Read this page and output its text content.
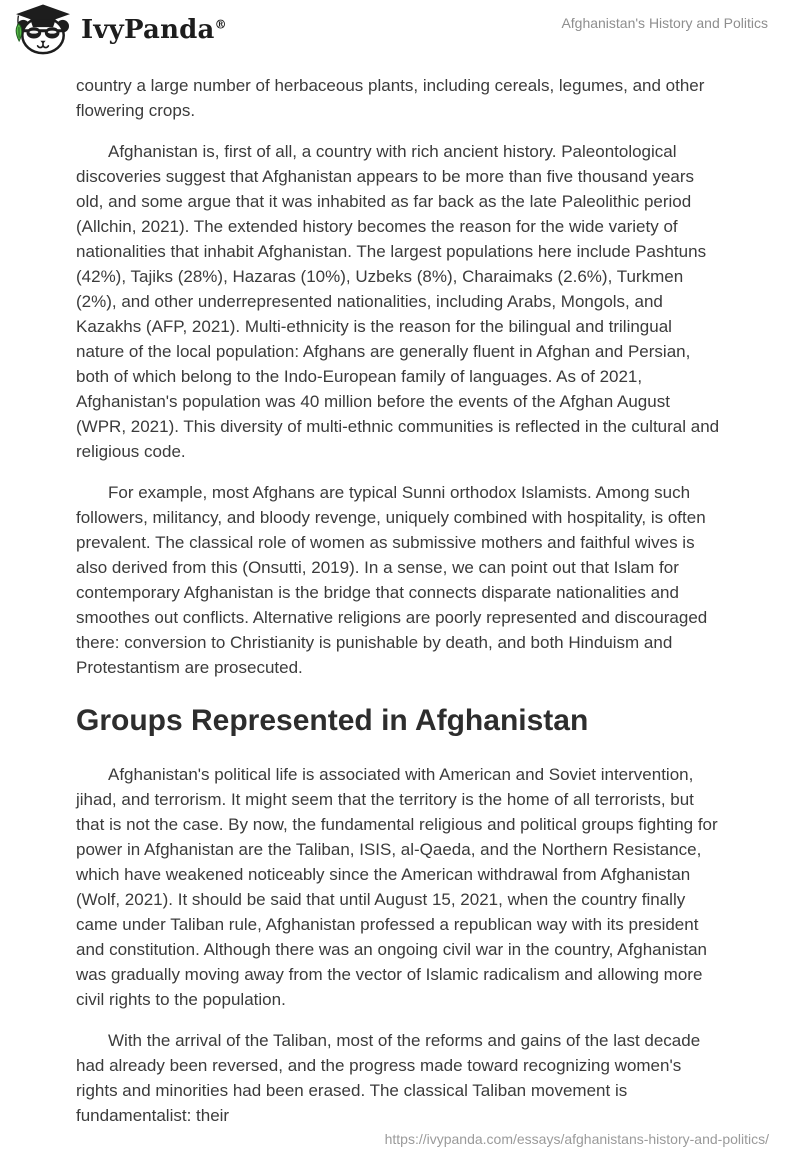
IvyPanda®	Afghanistan's History and Politics

country a large number of herbaceous plants, including cereals, legumes, and other flowering crops.

Afghanistan is, first of all, a country with rich ancient history. Paleontological discoveries suggest that Afghanistan appears to be more than five thousand years old, and some argue that it was inhabited as far back as the late Paleolithic period (Allchin, 2021). The extended history becomes the reason for the wide variety of nationalities that inhabit Afghanistan. The largest populations here include Pashtuns (42%), Tajiks (28%), Hazaras (10%), Uzbeks (8%), Charaimaks (2.6%), Turkmen (2%), and other underrepresented nationalities, including Arabs, Mongols, and Kazakhs (AFP, 2021). Multi-ethnicity is the reason for the bilingual and trilingual nature of the local population: Afghans are generally fluent in Afghan and Persian, both of which belong to the Indo-European family of languages. As of 2021, Afghanistan's population was 40 million before the events of the Afghan August (WPR, 2021). This diversity of multi-ethnic communities is reflected in the cultural and religious code.

For example, most Afghans are typical Sunni orthodox Islamists. Among such followers, militancy, and bloody revenge, uniquely combined with hospitality, is often prevalent. The classical role of women as submissive mothers and faithful wives is also derived from this (Onsutti, 2019). In a sense, we can point out that Islam for contemporary Afghanistan is the bridge that connects disparate nationalities and smoothes out conflicts. Alternative religions are poorly represented and discouraged there: conversion to Christianity is punishable by death, and both Hinduism and Protestantism are prosecuted.

Groups Represented in Afghanistan

Afghanistan's political life is associated with American and Soviet intervention, jihad, and terrorism. It might seem that the territory is the home of all terrorists, but that is not the case. By now, the fundamental religious and political groups fighting for power in Afghanistan are the Taliban, ISIS, al-Qaeda, and the Northern Resistance, which have weakened noticeably since the American withdrawal from Afghanistan (Wolf, 2021). It should be said that until August 15, 2021, when the country finally came under Taliban rule, Afghanistan professed a republican way with its president and constitution. Although there was an ongoing civil war in the country, Afghanistan was gradually moving away from the vector of Islamic radicalism and allowing more civil rights to the population.

With the arrival of the Taliban, most of the reforms and gains of the last decade had already been reversed, and the progress made toward recognizing women's rights and minorities had been erased. The classical Taliban movement is fundamentalist: their

https://ivypanda.com/essays/afghanistans-history-and-politics/
